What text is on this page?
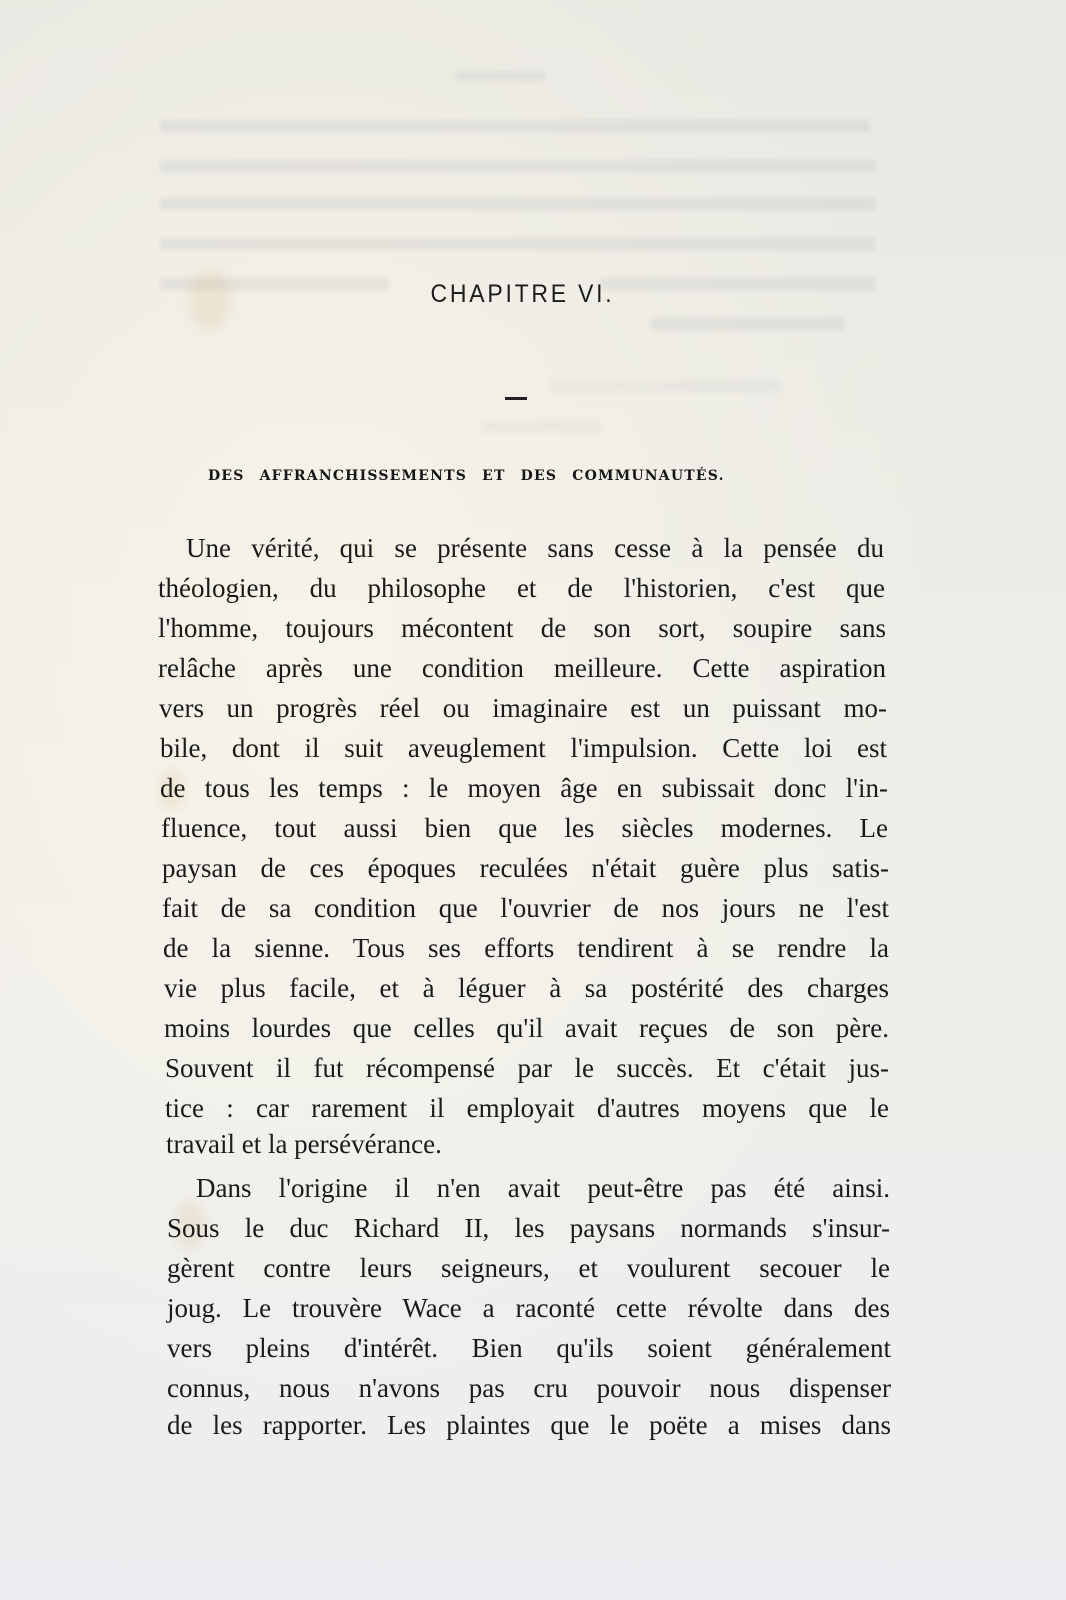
CHAPITRE VI.
DES AFFRANCHISSEMENTS ET DES COMMUNAUTÉS.
Une vérité, qui se présente sans cesse à la pensée du
théologien, du philosophe et de l'historien, c'est que
l'homme, toujours mécontent de son sort, soupire sans
relâche après une condition meilleure. Cette aspiration
vers un progrès réel ou imaginaire est un puissant mo-
bile, dont il suit aveuglement l'impulsion. Cette loi est
de tous les temps : le moyen âge en subissait donc l'in-
fluence, tout aussi bien que les siècles modernes. Le
paysan de ces époques reculées n'était guère plus satis-
fait de sa condition que l'ouvrier de nos jours ne l'est
de la sienne. Tous ses efforts tendirent à se rendre la
vie plus facile, et à léguer à sa postérité des charges
moins lourdes que celles qu'il avait reçues de son père.
Souvent il fut récompensé par le succès. Et c'était jus-
tice : car rarement il employait d'autres moyens que le
travail et la persévérance.
Dans l'origine il n'en avait peut-être pas été ainsi.
Sous le duc Richard II, les paysans normands s'insur-
gèrent contre leurs seigneurs, et voulurent secouer le
joug. Le trouvère Wace a raconté cette révolte dans des
vers pleins d'intérêt. Bien qu'ils soient généralement
connus, nous n'avons pas cru pouvoir nous dispenser
de les rapporter. Les plaintes que le poëte a mises dans
